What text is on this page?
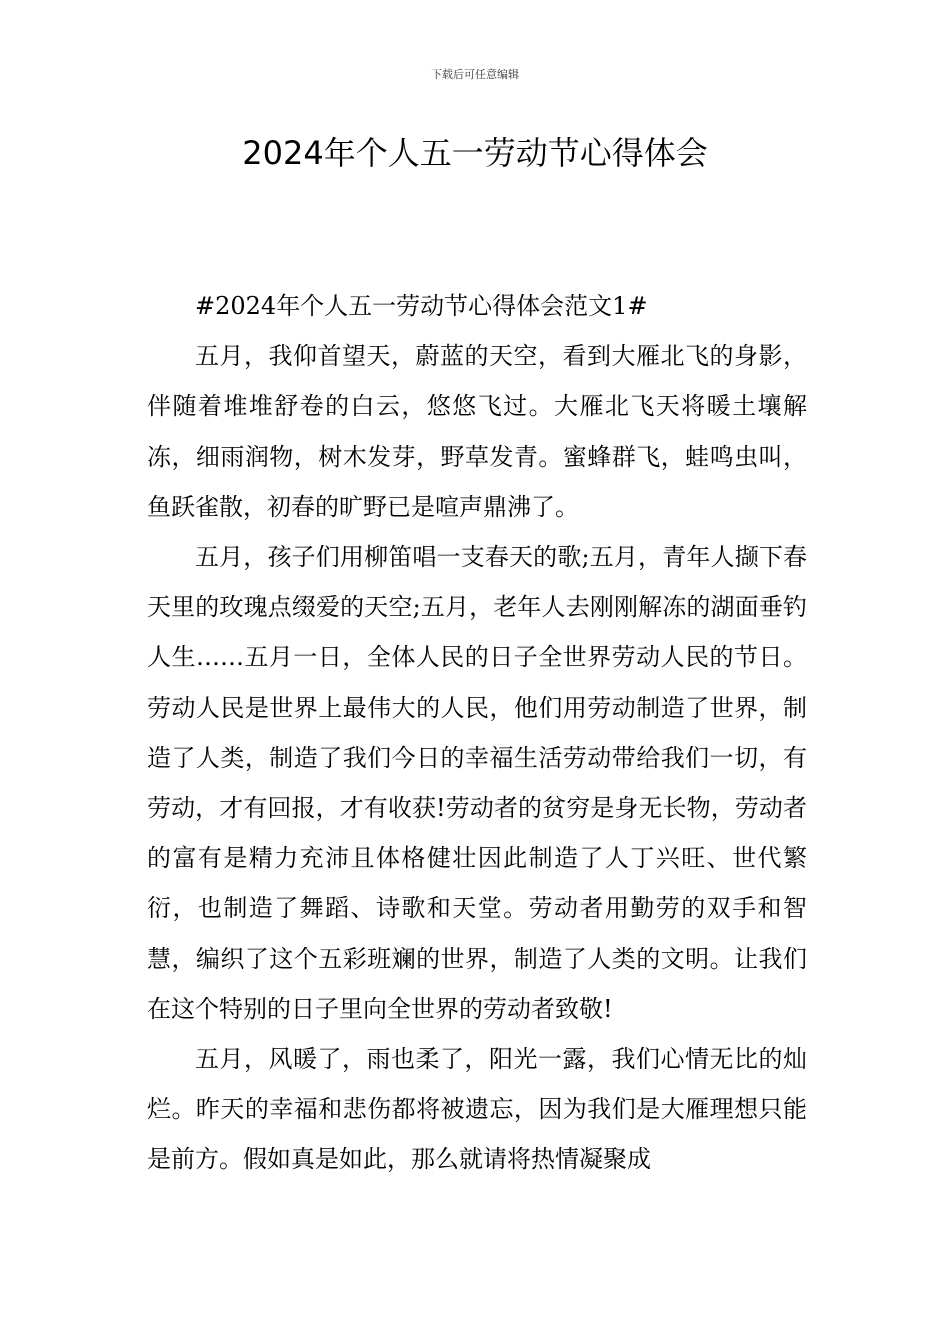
下载后可任意编辑
2024年个人五一劳动节心得体会

#2024年个人五一劳动节心得体会范文1#

五月，我仰首望天，蔚蓝的天空，看到大雁北飞的身影，伴随着堆堆舒卷的白云，悠悠飞过。大雁北飞天将暖土壤解冻，细雨润物，树木发芽，野草发青。蜜蜂群飞，蛙鸣虫叫，鱼跃雀散，初春的旷野已是喧声鼎沸了。

五月，孩子们用柳笛唱一支春天的歌;五月，青年人撷下春天里的玫瑰点缀爱的天空;五月，老年人去刚刚解冻的湖面垂钓人生……五月一日，全体人民的日子全世界劳动人民的节日。劳动人民是世界上最伟大的人民，他们用劳动制造了世界，制造了人类，制造了我们今日的幸福生活劳动带给我们一切，有劳动，才有回报，才有收获!劳动者的贫穷是身无长物，劳动者的富有是精力充沛且体格健壮因此制造了人丁兴旺、世代繁衍，也制造了舞蹈、诗歌和天堂。劳动者用勤劳的双手和智慧，编织了这个五彩班斓的世界，制造了人类的文明。让我们在这个特别的日子里向全世界的劳动者致敬!

五月，风暖了，雨也柔了，阳光一露，我们心情无比的灿烂。昨天的幸福和悲伤都将被遗忘，因为我们是大雁理想只能是前方。假如真是如此，那么就请将热情凝聚成
